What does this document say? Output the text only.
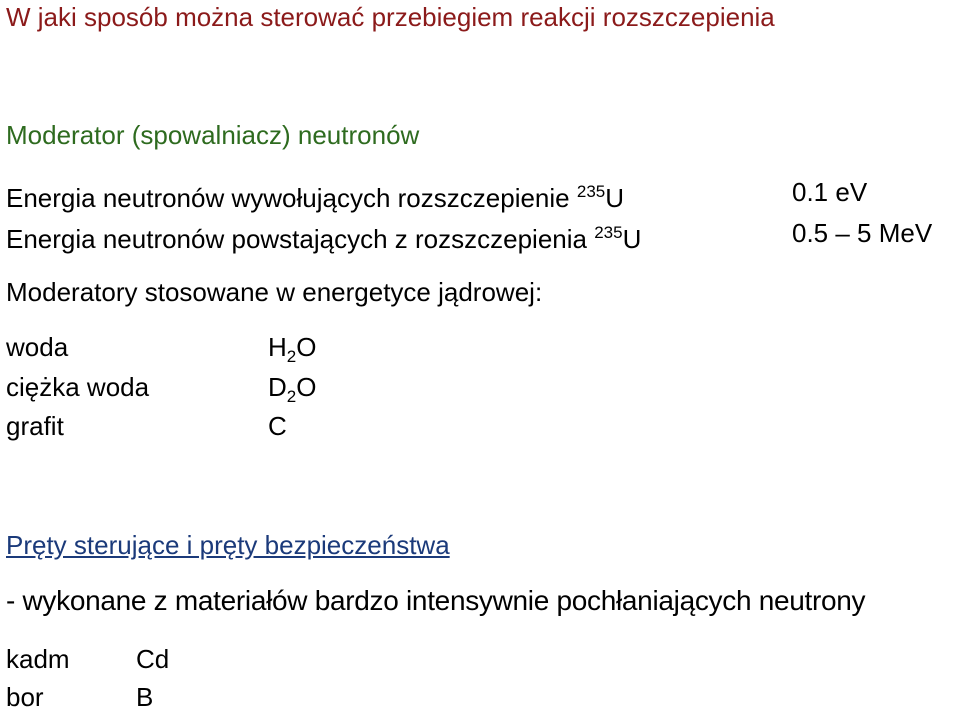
W jaki sposób można sterować przebiegiem reakcji rozszczepienia
Moderator (spowalniacz) neutronów
Energia neutronów wywołujących rozszczepienie $^{235}$U	0.1 eV
Energia neutronów powstających z rozszczepienia $^{235}$U	0.5 – 5 MeV
Moderatory stosowane w energetyce jądrowej:
woda	$H_2O$
ciężka woda	$D_2O$
grafit	C
Pręty sterujące i pręty bezpieczeństwa
- wykonane z materiałów bardzo intensywnie pochłaniających neutrony
kadm	Cd
bor	B
